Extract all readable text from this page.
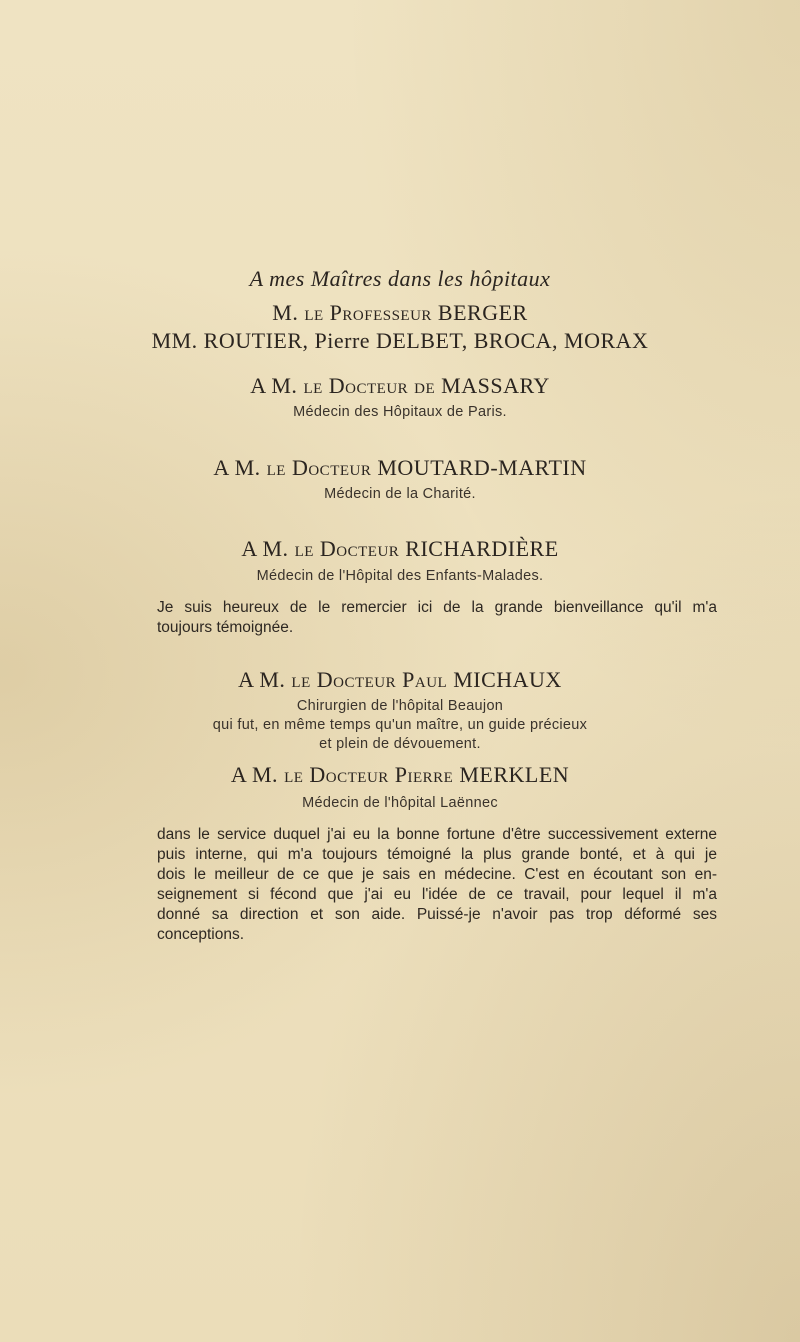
A mes Maîtres dans les hôpitaux
M. le Professeur BERGER
MM. ROUTIER, Pierre DELBET, BROCA, MORAX
A M. le Docteur de MASSARY
Médecin des Hôpitaux de Paris.
A M. le Docteur MOUTARD-MARTIN
Médecin de la Charité.
A M. le Docteur RICHARDIÈRE
Médecin de l'Hôpital des Enfants-Malades.
Je suis heureux de le remercier ici de la grande bienveillance qu'il m'a
toujours témoignée.
A M. le Docteur Paul MICHAUX
Chirurgien de l'hôpital Beaujon
qui fut, en même temps qu'un maître, un guide précieux
et plein de dévouement.
A M. le Docteur Pierre MERKLEN
Médecin de l'hôpital Laënnec
dans le service duquel j'ai eu la bonne fortune d'être successivement externe
puis interne, qui m'a toujours témoigné la plus grande bonté, et à qui je
dois le meilleur de ce que je sais en médecine. C'est en écoutant son en-
seignement si fécond que j'ai eu l'idée de ce travail, pour lequel il m'a
donné sa direction et son aide. Puissé-je n'avoir pas trop déformé ses
conceptions.
